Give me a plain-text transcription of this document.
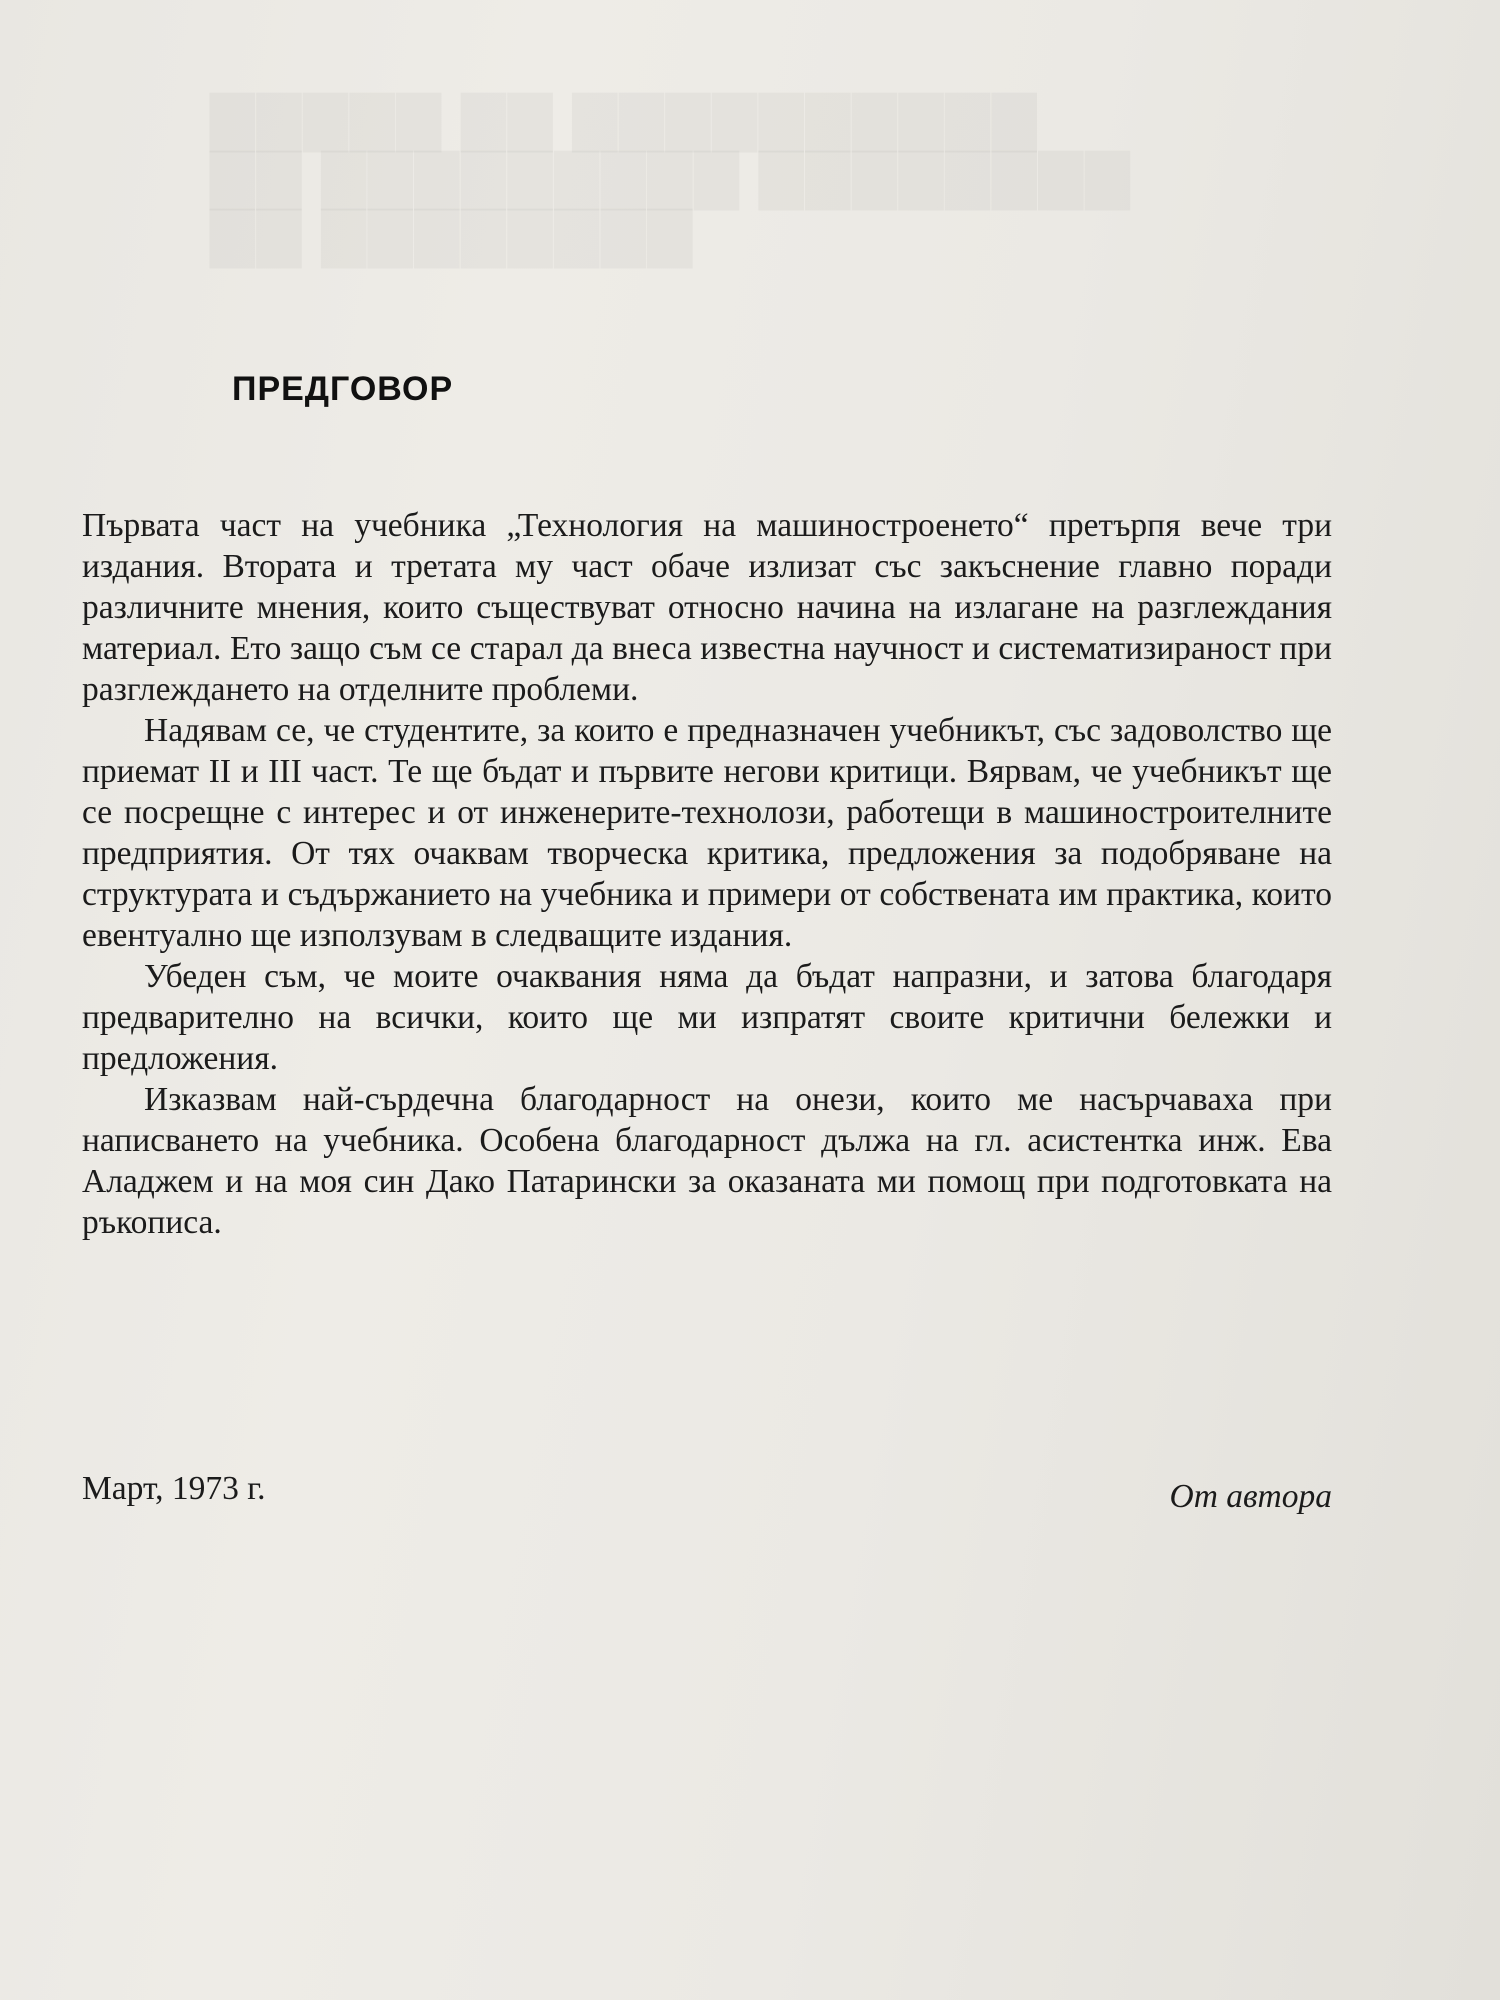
ПРЕДГОВОР

Първата част на учебника „Технология на машиностроенето“ претърпя вече три издания. Втората и третата му част обаче излизат със закъснение главно поради различните мнения, които съществуват относно начина на излагане на разглеждания материал. Ето защо съм се старал да внеса известна научност и систематизираност при разглеждането на отделните проблеми.

Надявам се, че студентите, за които е предназначен учебникът, със задоволство ще приемат II и III част. Те ще бъдат и първите негови критици. Вярвам, че учебникът ще се посрещне с интерес и от инженерите-технолози, работещи в машиностроителните предприятия. От тях очаквам творческа критика, предложения за подобряване на структурата и съдържанието на учебника и примери от собствената им практика, които евентуално ще използувам в следващите издания.

Убеден съм, че моите очаквания няма да бъдат напразни, и затова благодаря предварително на всички, които ще ми изпратят своите критични бележки и предложения.

Изказвам най-сърдечна благодарност на онези, които ме насърчаваха при написването на учебника. Особена благодарност дължа на гл. асистентка инж. Ева Аладжем и на моя син Дако Патарински за оказаната ми помощ при подготовката на ръкописа.

Март, 1973 г.	От автора
